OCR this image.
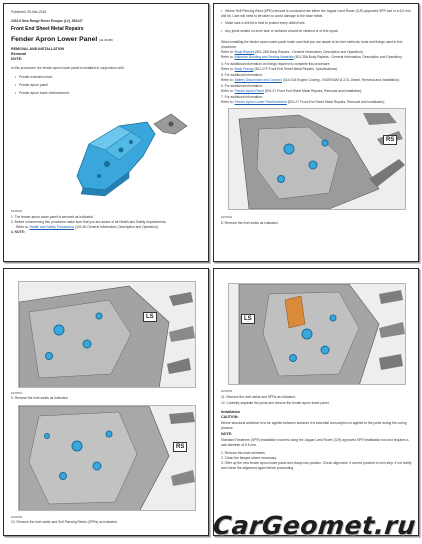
Published: 25-Mar-2015
2016.5 New Range Rover Evoque (LV), 551e27
Front End Sheet Metal Repairs
Fender Apron Lower Panel (41.36.68)
REMOVAL AND INSTALLATION
Removal
NOTE:
In this procedure, the fender apron lower panel is installed in conjunction with:
• Fender extension front.
• Fender apron panel.
• Fender apron lower reinforcement.
E150520
1. The fender apron lower panel is serviced as indicated.
2. Before commencing this procedure make sure that you are aware of all Health and Safety requirements.
Refer to: Health and Safety Precautions (100-00 General Information, Description and Operation).
3. NOTE:
• Where Self Piercing Rivet (SPR) removal is conducted use either the Jaguar Land Rover (JLR) approved SPR tool or a 6.5 mm drill bit. Care will need to be taken to avoid damage to the base metal.
• Make sure a drill bit is held to protect every drilled hole.
• Any joints sealed on inner side or surfaces should be cleaned or of this repair.
When installing the fender apron lower panel make sure that you are aware of all rivet methods, tools and fixings used in this procedure.
Refer to: Body Repairs (501-25A Body Repairs - General Information, Description and Operation).
Refer to: Adhesive Bonding and Sealing Materials (501-25A Body Repairs - General Information, Description and Operation).
4. For additional information on fixings required to complete this procedure:
Refer to: Body Fixings (501-27F Front End Sheet Metal Repairs, Specifications).
5. For additional information:
Refer to: Battery Disconnect and Connect (414-01A Engine Cooling - INGENIUM I4 2.0L Diesel, Removal and Installation).
6. For additional information:
Refer to: Fender Apron Panel (501-27 Front End Sheet Metal Repairs, Removal and Installation).
7. For additional information:
Refer to: Fender Apron Lower Reinforcement (501-27 Front End Sheet Metal Repairs, Removal and Installation).
RS
E150592
8. Remove the rivet welds as indicated.
LS
E150591
9. Remove the rivet welds as indicated.
RS
E150593
10. Remove the rivet welds and Self Piercing Rivets (SPRs) as indicated.
LS
E150594
11. Remove the rivet welds and SPRs as indicated.
12. Carefully separate the joints and remove the fender apron lower panel.
Installation
CAUTION:
Where structural adhesive is to be applied between surfaces it is essential consumption is applied to the joints during the curing process.
NOTE:
Standard Fasteners (SPR) installation involves using the Jaguar Land Rover (JLR) approved SPR installation tool and requires a rate diameter of 6.5 mm.
1. Remove the main elements.
2. Clean the flanges where necessary.
3. Offer up the new fender apron lower panel and clamp into position. Check alignment. If correct proceed to next step, if not rectify and check the alignment again before proceeding.
CarGeomet.ru
